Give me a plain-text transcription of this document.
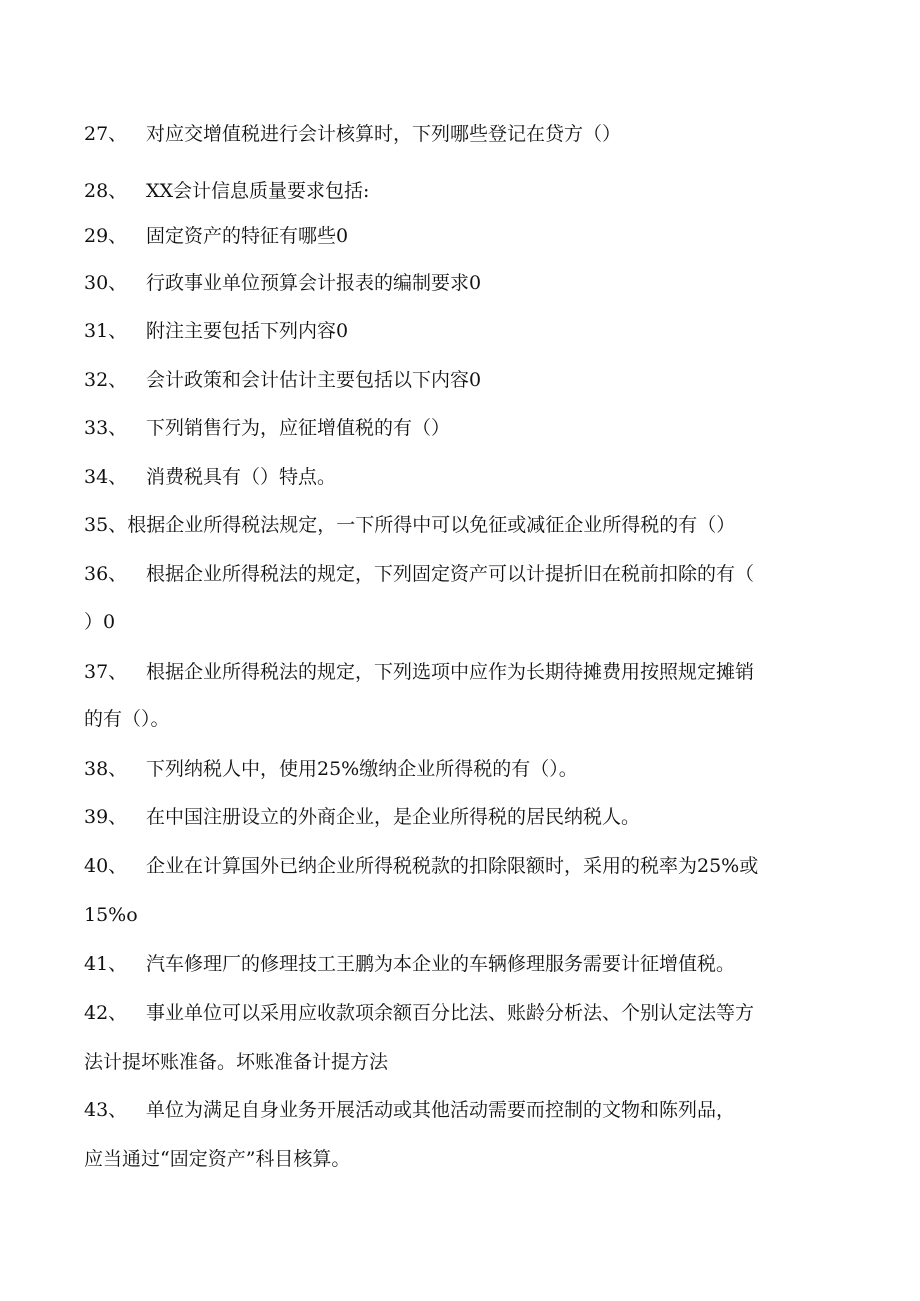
27、 对应交增值税进行会计核算时，下列哪些登记在贷方（）
28、 XX会计信息质量要求包括:
29、 固定资产的特征有哪些0
30、 行政事业单位预算会计报表的编制要求0
31、 附注主要包括下列内容0
32、 会计政策和会计估计主要包括以下内容0
33、 下列销售行为，应征增值税的有（）
34、 消费税具有（）特点。
35、根据企业所得税法规定，一下所得中可以免征或减征企业所得税的有（）
36、 根据企业所得税法的规定，下列固定资产可以计提折旧在税前扣除的有（
）0
37、 根据企业所得税法的规定，下列选项中应作为长期待摊费用按照规定摊销
的有（）。
38、 下列纳税人中，使用25%缴纳企业所得税的有（）。
39、 在中国注册设立的外商企业，是企业所得税的居民纳税人。
40、 企业在计算国外已纳企业所得税税款的扣除限额时，采用的税率为25%或
15%o
41、 汽车修理厂的修理技工王鹏为本企业的车辆修理服务需要计征增值税。
42、 事业单位可以采用应收款项余额百分比法、账龄分析法、个别认定法等方
法计提坏账准备。坏账准备计提方法
43、 单位为满足自身业务开展活动或其他活动需要而控制的文物和陈列品，
应当通过“固定资产”科目核算。
